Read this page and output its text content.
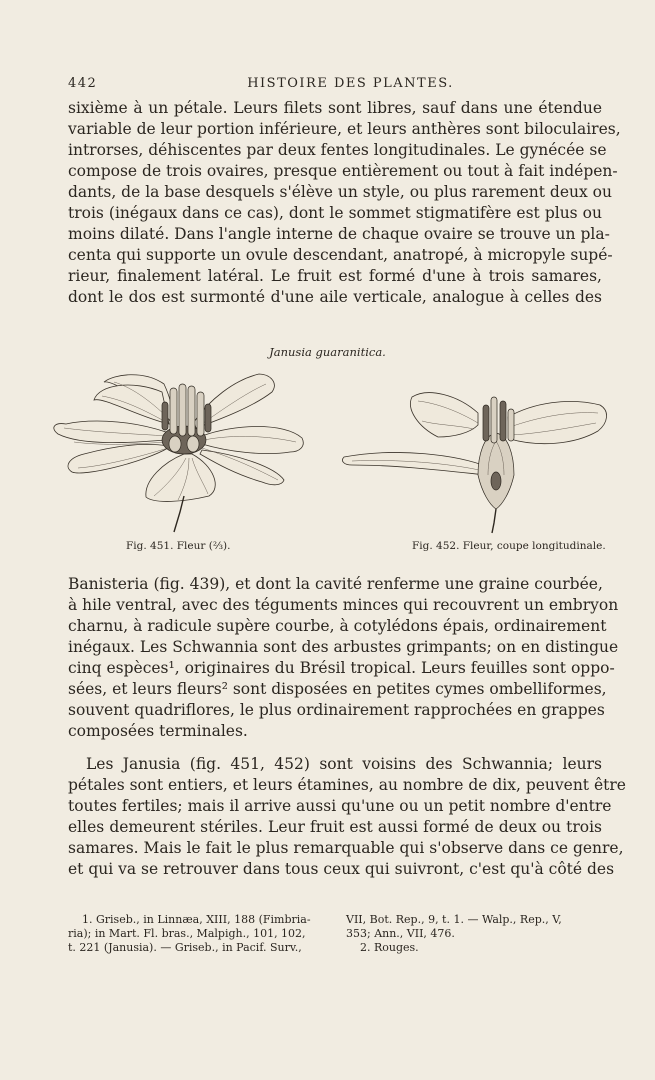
442	HISTOIRE DES PLANTES.
sixième à un pétale. Leurs filets sont libres, sauf dans une étendue
variable de leur portion inférieure, et leurs anthères sont biloculaires,
introrses, déhiscentes par deux fentes longitudinales. Le gynécée se
compose de trois ovaires, presque entièrement ou tout à fait indépen-
dants, de la base desquels s'élève un style, ou plus rarement deux ou
trois (inégaux dans ce cas), dont le sommet stigmatifère est plus ou
moins dilaté. Dans l'angle interne de chaque ovaire se trouve un pla-
centa qui supporte un ovule descendant, anatropé, à micropyle supé-
rieur, finalement latéral. Le fruit est formé d'une à trois samares,
dont le dos est surmonté d'une aile verticale, analogue à celles des
Janusia guaranitica.
Fig. 451. Fleur (⅔).	Fig. 452. Fleur, coupe longitudinale.
Banisteria (fig. 439), et dont la cavité renferme une graine courbée,
à hile ventral, avec des téguments minces qui recouvrent un embryon
charnu, à radicule supère courbe, à cotylédons épais, ordinairement
inégaux. Les Schwannia sont des arbustes grimpants; on en distingue
cinq espèces¹, originaires du Brésil tropical. Leurs feuilles sont oppo-
sées, et leurs fleurs² sont disposées en petites cymes ombelliformes,
souvent quadriflores, le plus ordinairement rapprochées en grappes
composées terminales.
Les Janusia (fig. 451, 452) sont voisins des Schwannia; leurs
pétales sont entiers, et leurs étamines, au nombre de dix, peuvent être
toutes fertiles; mais il arrive aussi qu'une ou un petit nombre d'entre
elles demeurent stériles. Leur fruit est aussi formé de deux ou trois
samares. Mais le fait le plus remarquable qui s'observe dans ce genre,
et qui va se retrouver dans tous ceux qui suivront, c'est qu'à côté des
1. Griseb., in Linnæa, XIII, 188 (Fimbria-
ria); in Mart. Fl. bras., Malpigh., 101, 102,
t. 221 (Janusia). — Griseb., in Pacif. Surv.,
VII, Bot. Rep., 9, t. 1. — Walp., Rep., V,
353; Ann., VII, 476.
2. Rouges.
